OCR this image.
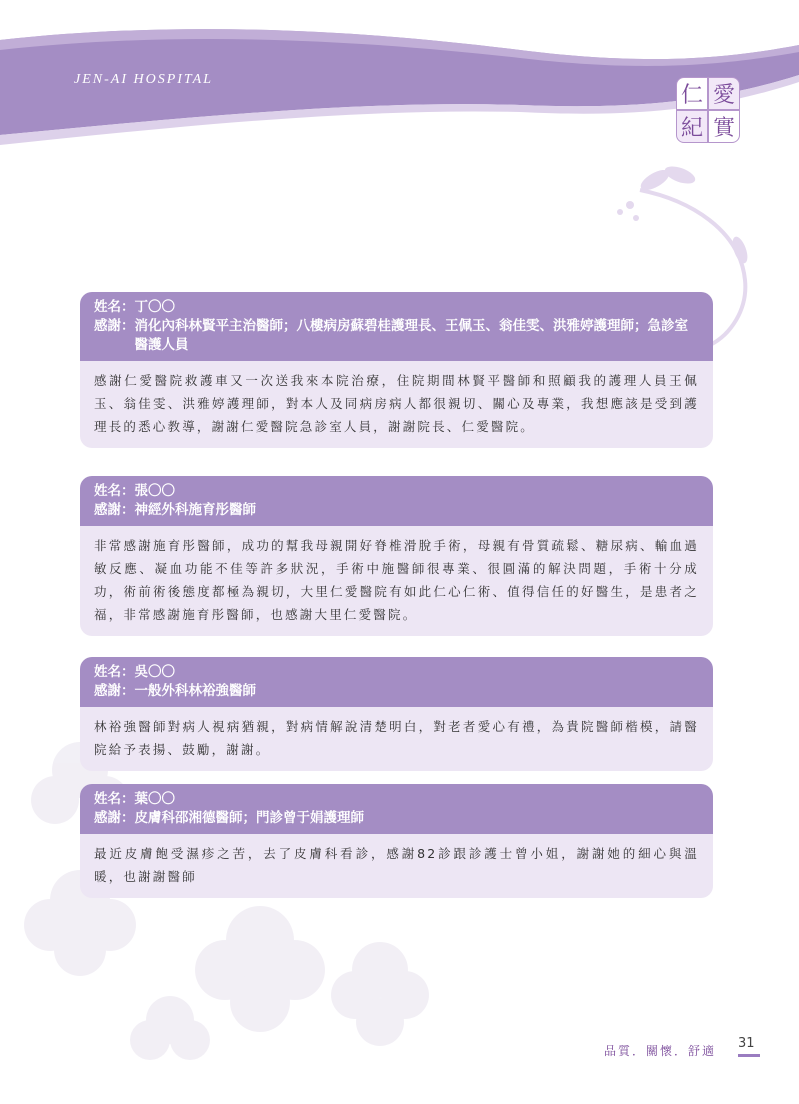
JEN-AI HOSPITAL
仁 愛
紀 實
姓名： 丁〇〇
感謝： 消化內科林賢平主治醫師；八樓病房蘇碧桂護理長、王佩玉、翁佳雯、洪雅婷護理師；急診室醫護人員
感謝仁愛醫院救護車又一次送我來本院治療，住院期間林賢平醫師和照顧我的護理人員王佩玉、翁佳雯、洪雅婷護理師，對本人及同病房病人都很親切、關心及專業，我想應該是受到護理長的悉心教導，謝謝仁愛醫院急診室人員，謝謝院長、仁愛醫院。
姓名： 張〇〇
感謝： 神經外科施育彤醫師
非常感謝施育彤醫師，成功的幫我母親開好脊椎滑脫手術，母親有骨質疏鬆、糖尿病、輸血過敏反應、凝血功能不佳等許多狀況，手術中施醫師很專業、很圓滿的解決問題，手術十分成功，術前術後態度都極為親切，大里仁愛醫院有如此仁心仁術、值得信任的好醫生，是患者之福，非常感謝施育彤醫師，也感謝大里仁愛醫院。
姓名： 吳〇〇
感謝： 一般外科林裕強醫師
林裕強醫師對病人視病猶親，對病情解說清楚明白，對老者愛心有禮，為貴院醫師楷模，請醫院給予表揚、鼓勵，謝謝。
姓名： 葉〇〇
感謝： 皮膚科邵湘德醫師；門診曾于娟護理師
最近皮膚飽受濕疹之苦，去了皮膚科看診，感謝82診跟診護士曾小姐，謝謝她的細心與溫暖，也謝謝醫師
品質．關懷．舒適 31
